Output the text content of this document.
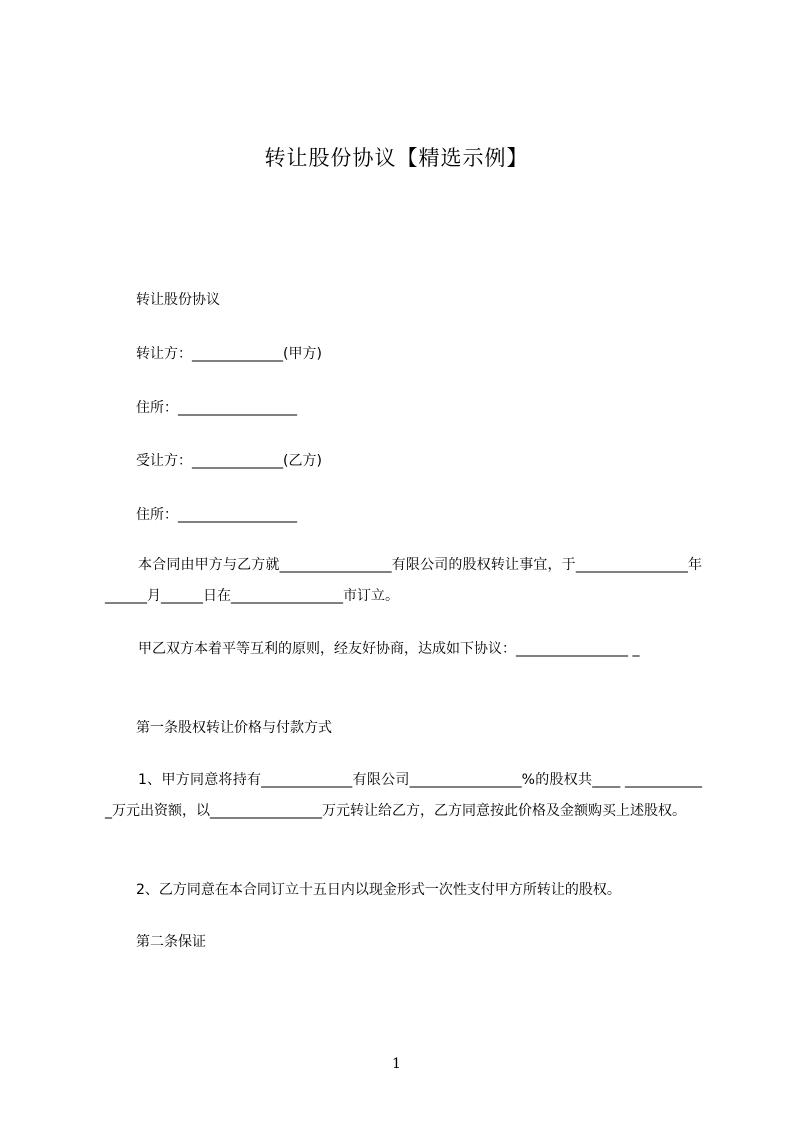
转让股份协议【精选示例】
转让股份协议
转让方：_____________(甲方)
住所：_________________
受让方：_____________(乙方)
住所：_________________
本合同由甲方与乙方就________________有限公司的股权转让事宜，于________________年______月______日在________________市订立。
甲乙双方本着平等互利的原则，经友好协商，达成如下协议：________________ _
第一条股权转让价格与付款方式
1、甲方同意将持有_____________有限公司________________%的股权共____ ____________万元出资额，以________________万元转让给乙方，乙方同意按此价格及金额购买上述股权。
2、乙方同意在本合同订立十五日内以现金形式一次性支付甲方所转让的股权。
第二条保证
1
